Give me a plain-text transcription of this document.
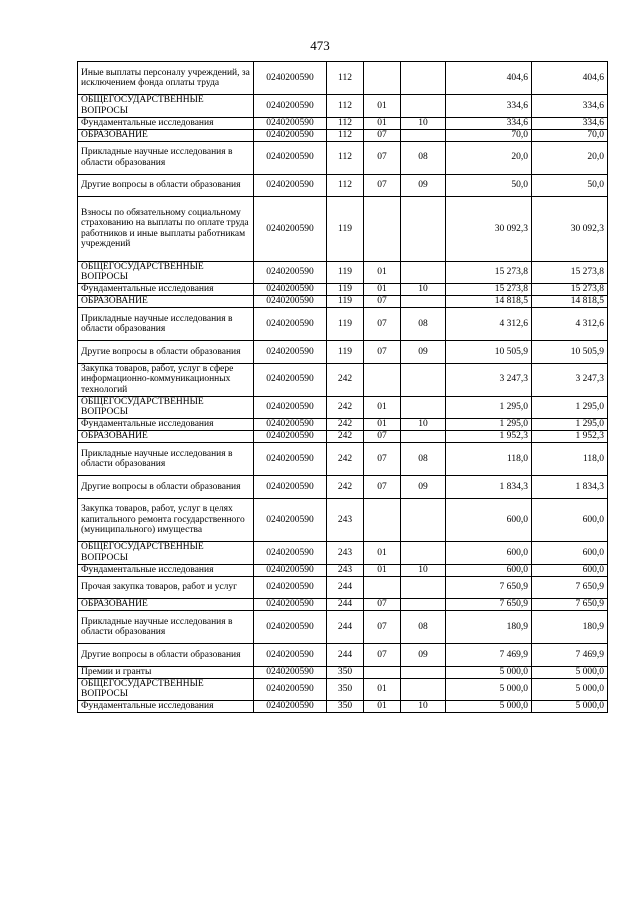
473
Иные выплаты персоналу учреждений, за исключением фонда оплаты труда	0240200590	112			404,6	404,6
ОБЩЕГОСУДАРСТВЕННЫЕ ВОПРОСЫ	0240200590	112	01		334,6	334,6
Фундаментальные исследования	0240200590	112	01	10	334,6	334,6
ОБРАЗОВАНИЕ	0240200590	112	07		70,0	70,0
Прикладные научные исследования в области образования	0240200590	112	07	08	20,0	20,0
Другие вопросы в области образования	0240200590	112	07	09	50,0	50,0
Взносы по обязательному социальному страхованию на выплаты по оплате труда работников и иные выплаты работникам учреждений	0240200590	119			30 092,3	30 092,3
ОБЩЕГОСУДАРСТВЕННЫЕ ВОПРОСЫ	0240200590	119	01		15 273,8	15 273,8
Фундаментальные исследования	0240200590	119	01	10	15 273,8	15 273,8
ОБРАЗОВАНИЕ	0240200590	119	07		14 818,5	14 818,5
Прикладные научные исследования в области образования	0240200590	119	07	08	4 312,6	4 312,6
Другие вопросы в области образования	0240200590	119	07	09	10 505,9	10 505,9
Закупка товаров, работ, услуг в сфере информационно-коммуникационных технологий	0240200590	242			3 247,3	3 247,3
ОБЩЕГОСУДАРСТВЕННЫЕ ВОПРОСЫ	0240200590	242	01		1 295,0	1 295,0
Фундаментальные исследования	0240200590	242	01	10	1 295,0	1 295,0
ОБРАЗОВАНИЕ	0240200590	242	07		1 952,3	1 952,3
Прикладные научные исследования в области образования	0240200590	242	07	08	118,0	118,0
Другие вопросы в области образования	0240200590	242	07	09	1 834,3	1 834,3
Закупка товаров, работ, услуг в целях капитального ремонта государственного (муниципального) имущества	0240200590	243			600,0	600,0
ОБЩЕГОСУДАРСТВЕННЫЕ ВОПРОСЫ	0240200590	243	01		600,0	600,0
Фундаментальные исследования	0240200590	243	01	10	600,0	600,0
Прочая закупка товаров, работ и услуг	0240200590	244			7 650,9	7 650,9
ОБРАЗОВАНИЕ	0240200590	244	07		7 650,9	7 650,9
Прикладные научные исследования в области образования	0240200590	244	07	08	180,9	180,9
Другие вопросы в области образования	0240200590	244	07	09	7 469,9	7 469,9
Премии и гранты	0240200590	350			5 000,0	5 000,0
ОБЩЕГОСУДАРСТВЕННЫЕ ВОПРОСЫ	0240200590	350	01		5 000,0	5 000,0
Фундаментальные исследования	0240200590	350	01	10	5 000,0	5 000,0
